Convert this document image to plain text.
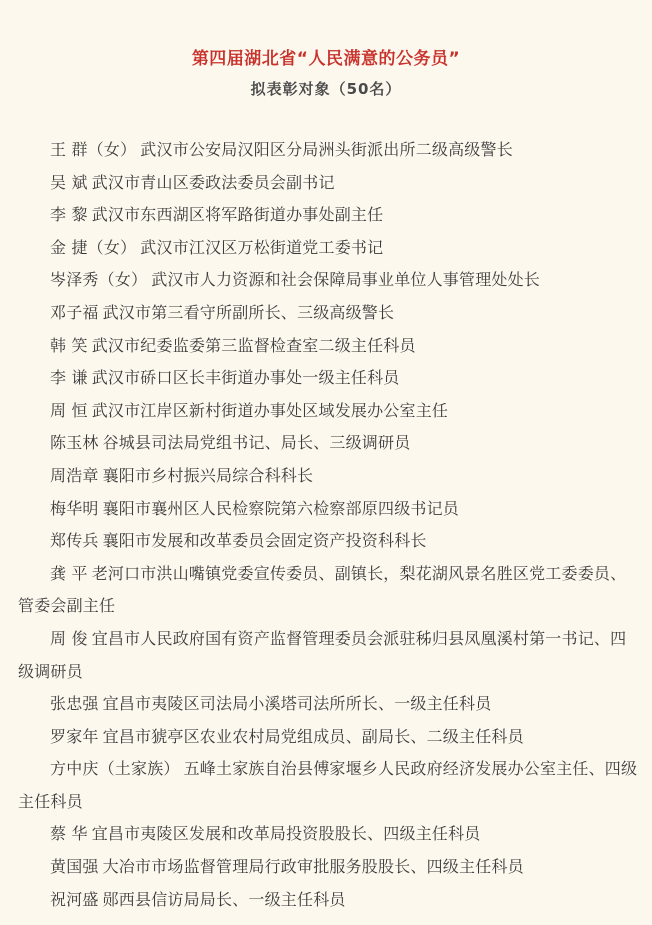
第四届湖北省“人民满意的公务员”
拟表彰对象（50名）
王 群（女） 武汉市公安局汉阳区分局洲头街派出所二级高级警长
吴 斌 武汉市青山区委政法委员会副书记
李 黎 武汉市东西湖区将军路街道办事处副主任
金 捷（女） 武汉市江汉区万松街道党工委书记
岑泽秀（女） 武汉市人力资源和社会保障局事业单位人事管理处处长
邓子福 武汉市第三看守所副所长、三级高级警长
韩 笑 武汉市纪委监委第三监督检查室二级主任科员
李 谦 武汉市硚口区长丰街道办事处一级主任科员
周 恒 武汉市江岸区新村街道办事处区域发展办公室主任
陈玉林 谷城县司法局党组书记、局长、三级调研员
周浩章 襄阳市乡村振兴局综合科科长
梅华明 襄阳市襄州区人民检察院第六检察部原四级书记员
郑传兵 襄阳市发展和改革委员会固定资产投资科科长
龚 平 老河口市洪山嘴镇党委宣传委员、副镇长，梨花湖风景名胜区党工委委员、管委会副主任
周 俊 宜昌市人民政府国有资产监督管理委员会派驻秭归县凤凰溪村第一书记、四级调研员
张忠强 宜昌市夷陵区司法局小溪塔司法所所长、一级主任科员
罗家年 宜昌市猇亭区农业农村局党组成员、副局长、二级主任科员
方中庆（土家族） 五峰土家族自治县傅家堰乡人民政府经济发展办公室主任、四级主任科员
蔡 华 宜昌市夷陵区发展和改革局投资股股长、四级主任科员
黄国强 大冶市市场监督管理局行政审批服务股股长、四级主任科员
祝河盛 郧西县信访局局长、一级主任科员
